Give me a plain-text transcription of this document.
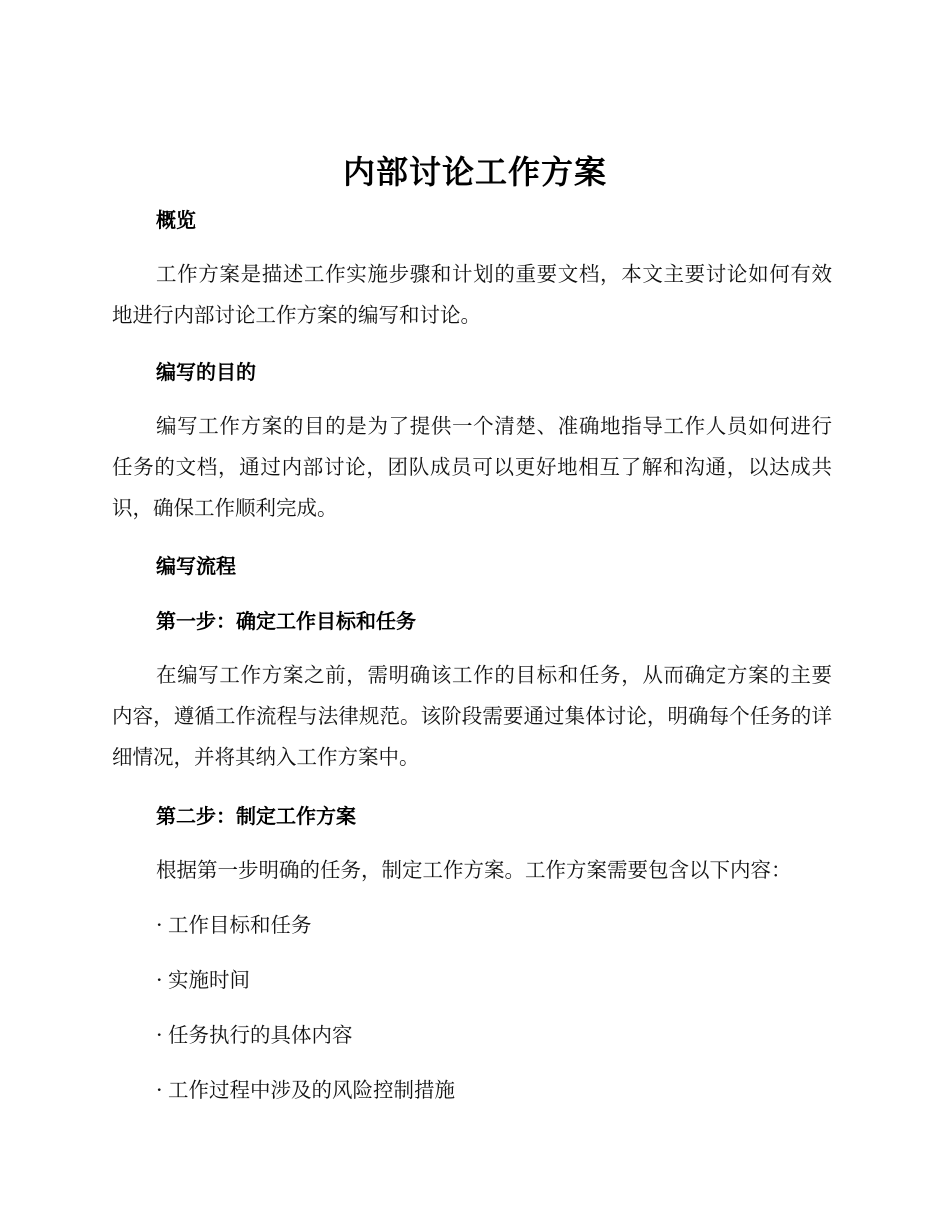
内部讨论工作方案
概览
工作方案是描述工作实施步骤和计划的重要文档，本文主要讨论如何有效地进行内部讨论工作方案的编写和讨论。
编写的目的
编写工作方案的目的是为了提供一个清楚、准确地指导工作人员如何进行任务的文档，通过内部讨论，团队成员可以更好地相互了解和沟通，以达成共识，确保工作顺利完成。
编写流程
第一步：确定工作目标和任务
在编写工作方案之前，需明确该工作的目标和任务，从而确定方案的主要内容，遵循工作流程与法律规范。该阶段需要通过集体讨论，明确每个任务的详细情况，并将其纳入工作方案中。
第二步：制定工作方案
根据第一步明确的任务，制定工作方案。工作方案需要包含以下内容：
· 工作目标和任务
· 实施时间
· 任务执行的具体内容
· 工作过程中涉及的风险控制措施
